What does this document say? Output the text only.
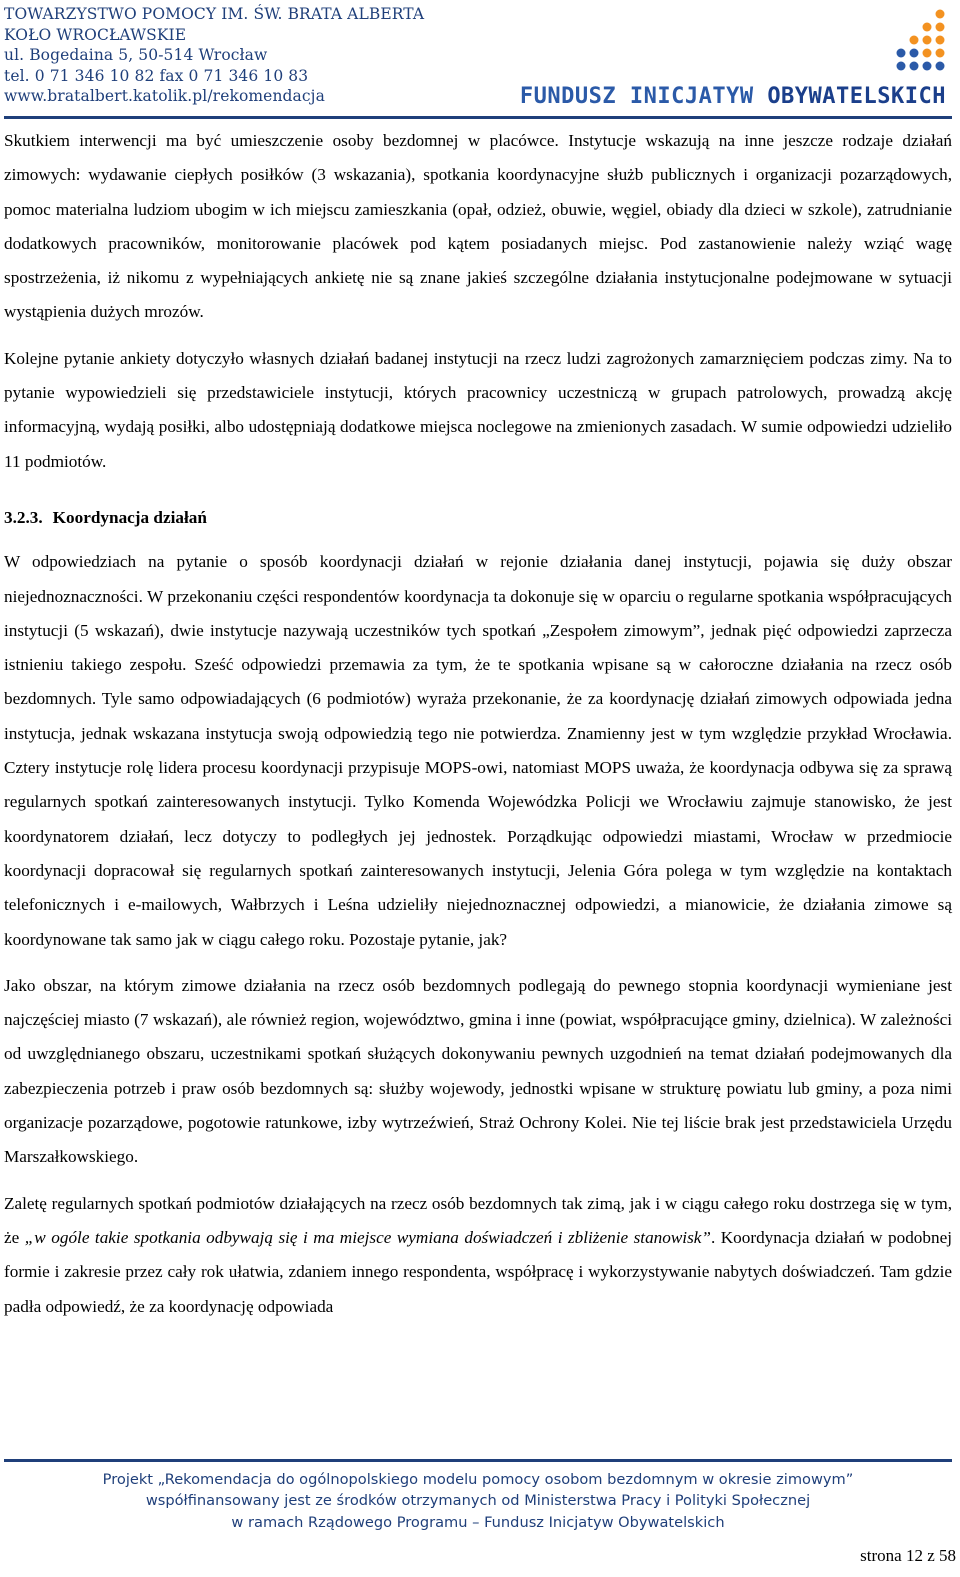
TOWARZYSTWO POMOCY IM. ŚW. BRATA ALBERTA
KOŁO WROCŁAWSKIE
ul. Bogedaina 5, 50-514 Wrocław
tel. 0 71 346 10 82 fax 0 71 346 10 83
www.bratalbert.katolik.pl/rekomendacja	FUNDUSZ INICJATYW OBYWATELSKICH

Skutkiem interwencji ma być umieszczenie osoby bezdomnej w placówce. Instytucje wskazują na inne jeszcze rodzaje działań zimowych: wydawanie ciepłych posiłków (3 wskazania), spotkania koordynacyjne służb publicznych i organizacji pozarządowych, pomoc materialna ludziom ubogim w ich miejscu zamieszkania (opał, odzież, obuwie, węgiel, obiady dla dzieci w szkole), zatrudnianie dodatkowych pracowników, monitorowanie placówek pod kątem posiadanych miejsc. Pod zastanowienie należy wziąć wagę spostrzeżenia, iż nikomu z wypełniających ankietę nie są znane jakieś szczególne działania instytucjonalne podejmowane w sytuacji wystąpienia dużych mrozów.

Kolejne pytanie ankiety dotyczyło własnych działań badanej instytucji na rzecz ludzi zagrożonych zamarznięciem podczas zimy. Na to pytanie wypowiedzieli się przedstawiciele instytucji, których pracownicy uczestniczą w grupach patrolowych, prowadzą akcję informacyjną, wydają posiłki, albo udostępniają dodatkowe miejsca noclegowe na zmienionych zasadach. W sumie odpowiedzi udzieliło 11 podmiotów.

3.2.3. Koordynacja działań

W odpowiedziach na pytanie o sposób koordynacji działań w rejonie działania danej instytucji, pojawia się duży obszar niejednoznaczności. W przekonaniu części respondentów koordynacja ta dokonuje się w oparciu o regularne spotkania współpracujących instytucji (5 wskazań), dwie instytucje nazywają uczestników tych spotkań „Zespołem zimowym”, jednak pięć odpowiedzi zaprzecza istnieniu takiego zespołu. Sześć odpowiedzi przemawia za tym, że te spotkania wpisane są w całoroczne działania na rzecz osób bezdomnych. Tyle samo odpowiadających (6 podmiotów) wyraża przekonanie, że za koordynację działań zimowych odpowiada jedna instytucja, jednak wskazana instytucja swoją odpowiedzią tego nie potwierdza. Znamienny jest w tym względzie przykład Wrocławia. Cztery instytucje rolę lidera procesu koordynacji przypisuje MOPS-owi, natomiast MOPS uważa, że koordynacja odbywa się za sprawą regularnych spotkań zainteresowanych instytucji. Tylko Komenda Wojewódzka Policji we Wrocławiu zajmuje stanowisko, że jest koordynatorem działań, lecz dotyczy to podległych jej jednostek. Porządkując odpowiedzi miastami, Wrocław w przedmiocie koordynacji dopracował się regularnych spotkań zainteresowanych instytucji, Jelenia Góra polega w tym względzie na kontaktach telefonicznych i e-mailowych, Wałbrzych i Leśna udzieliły niejednoznacznej odpowiedzi, a mianowicie, że działania zimowe są koordynowane tak samo jak w ciągu całego roku. Pozostaje pytanie, jak?

Jako obszar, na którym zimowe działania na rzecz osób bezdomnych podlegają do pewnego stopnia koordynacji wymieniane jest najczęściej miasto (7 wskazań), ale również region, województwo, gmina i inne (powiat, współpracujące gminy, dzielnica). W zależności od uwzględnianego obszaru, uczestnikami spotkań służących dokonywaniu pewnych uzgodnień na temat działań podejmowanych dla zabezpieczenia potrzeb i praw osób bezdomnych są: służby wojewody, jednostki wpisane w strukturę powiatu lub gminy, a poza nimi organizacje pozarządowe, pogotowie ratunkowe, izby wytrzeźwień, Straż Ochrony Kolei. Nie tej liście brak jest przedstawiciela Urzędu Marszałkowskiego.

Zaletę regularnych spotkań podmiotów działających na rzecz osób bezdomnych tak zimą, jak i w ciągu całego roku dostrzega się w tym, że „w ogóle takie spotkania odbywają się i ma miejsce wymiana doświadczeń i zbliżenie stanowisk”. Koordynacja działań w podobnej formie i zakresie przez cały rok ułatwia, zdaniem innego respondenta, współpracę i wykorzystywanie nabytych doświadczeń. Tam gdzie padła odpowiedź, że za koordynację odpowiada

Projekt „Rekomendacja do ogólnopolskiego modelu pomocy osobom bezdomnym w okresie zimowym”
współfinansowany jest ze środków otrzymanych od Ministerstwa Pracy i Polityki Społecznej
w ramach Rządowego Programu – Fundusz Inicjatyw Obywatelskich
strona 12 z 58
